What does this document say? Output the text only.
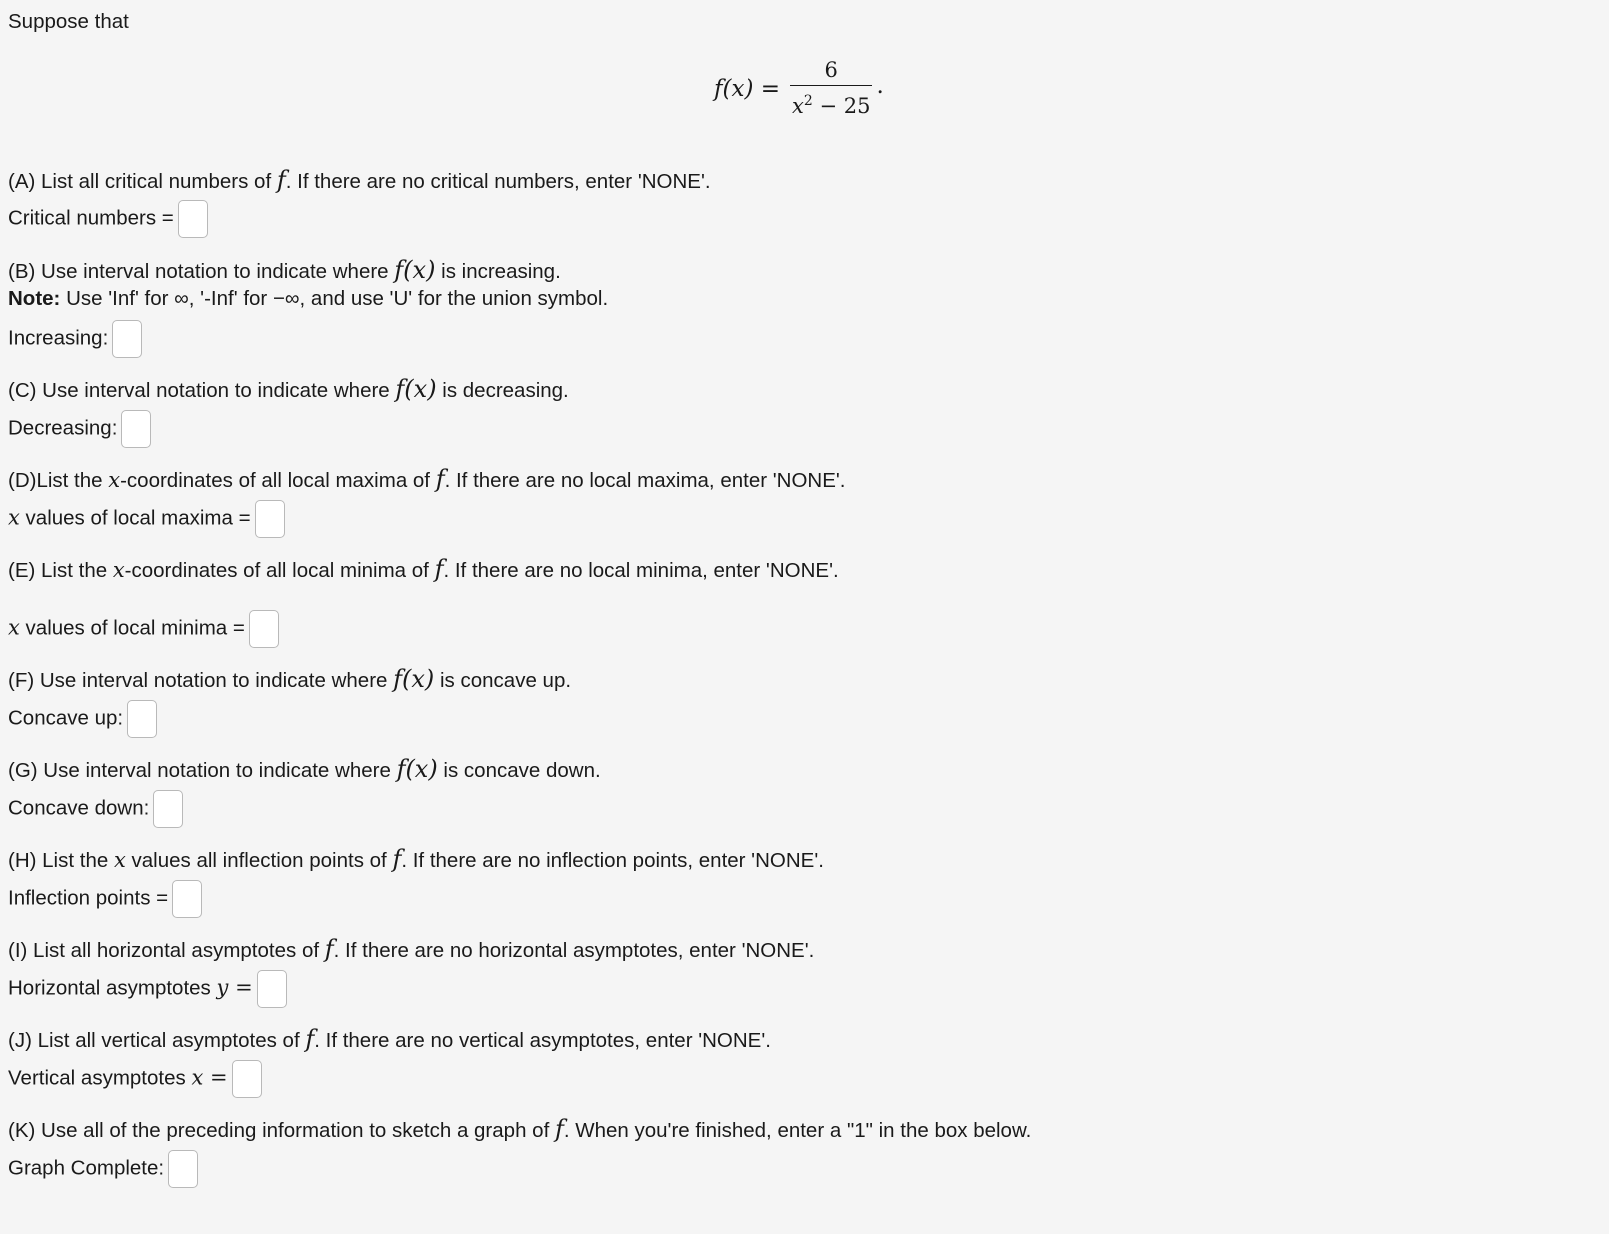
Suppose that
$f(x) = \frac{6}{x^2 - 25}$ .
(A) List all critical numbers of f. If there are no critical numbers, enter 'NONE'.
Critical numbers =
(B) Use interval notation to indicate where f(x) is increasing.
Note: Use 'Inf' for ∞, '-Inf' for −∞, and use 'U' for the union symbol.
Increasing:
(C) Use interval notation to indicate where f(x) is decreasing.
Decreasing:
(D)List the x-coordinates of all local maxima of f. If there are no local maxima, enter 'NONE'.
x values of local maxima =
(E) List the x-coordinates of all local minima of f. If there are no local minima, enter 'NONE'.
x values of local minima =
(F) Use interval notation to indicate where f(x) is concave up.
Concave up:
(G) Use interval notation to indicate where f(x) is concave down.
Concave down:
(H) List the x values all inflection points of f. If there are no inflection points, enter 'NONE'.
Inflection points =
(I) List all horizontal asymptotes of f. If there are no horizontal asymptotes, enter 'NONE'.
Horizontal asymptotes y =
(J) List all vertical asymptotes of f. If there are no vertical asymptotes, enter 'NONE'.
Vertical asymptotes x =
(K) Use all of the preceding information to sketch a graph of f. When you're finished, enter a "1" in the box below.
Graph Complete:
